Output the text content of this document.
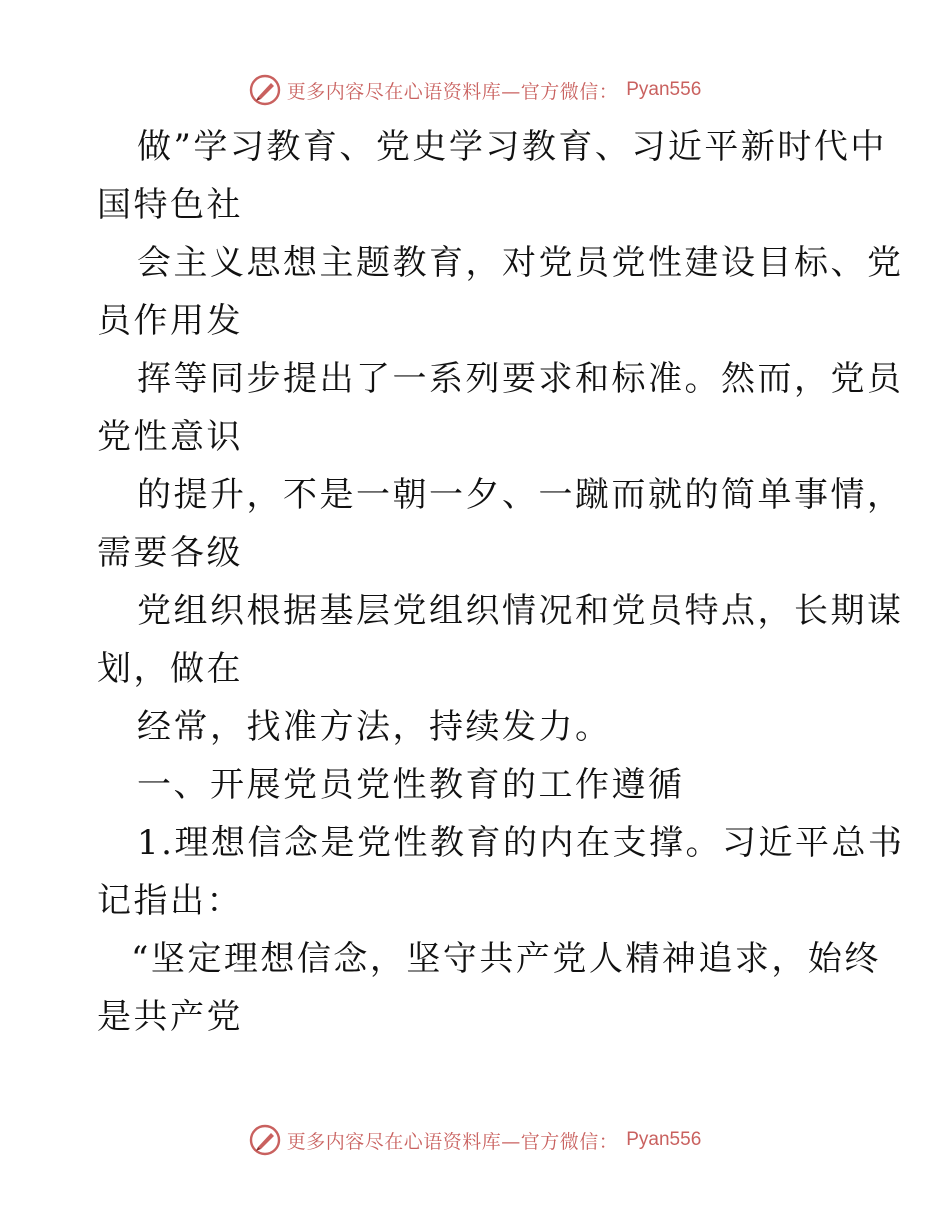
更多内容尽在心语资料库—官方微信： Pyan556
做”学习教育、党史学习教育、习近平新时代中
国特色社
会主义思想主题教育，对党员党性建设目标、党
员作用发
挥等同步提出了一系列要求和标准。然而，党员
党性意识
的提升，不是一朝一夕、一蹴而就的简单事情，
需要各级
党组织根据基层党组织情况和党员特点，长期谋
划，做在
经常，找准方法，持续发力。
一、开展党员党性教育的工作遵循
1.理想信念是党性教育的内在支撑。习近平总书
记指出：
“坚定理想信念，坚守共产党人精神追求，始终
是共产党
更多内容尽在心语资料库—官方微信： Pyan556
